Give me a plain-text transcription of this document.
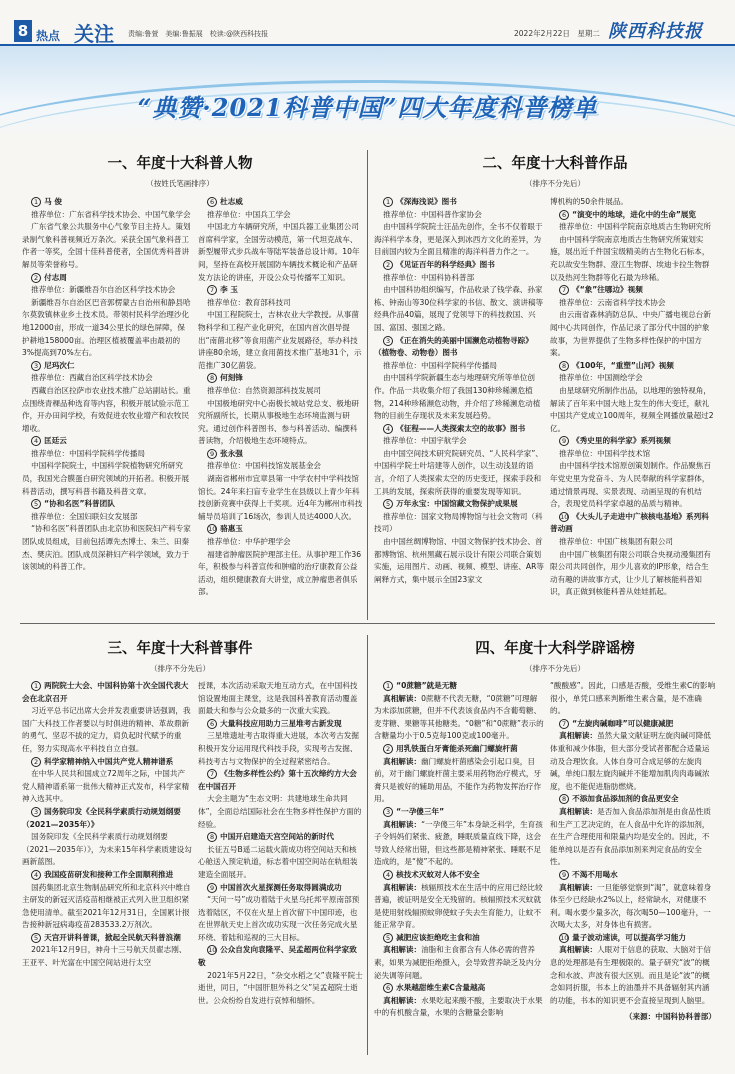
8 热点 关注 责编:鲁萱　美编:鲁振展　校读:@陕西科技报	2022年2月22日　星期二 陕西科技报
“典赞·2021科普中国”四大年度科普榜单
一、年度十大科普人物
（按姓氏笔画排序）
二、年度十大科普作品
（排序不分先后）
三、年度十大科普事件
（排序不分先后）
四、年度十大科学辟谣榜
（排序不分先后）
1 马 俊
推荐单位：广东省科学技术协会、中国气象学会

广东省气象公共服务中心气象节目主持人。策划录制气象科普视频近万条次。采获全国气象科普工作者一等奖，全国十佳科普使者，全国优秀科普讲解员等荣誉称号。

2 付志周
推荐单位：新疆维吾尔自治区科学技术协会

新疆维吾尔自治区巴音郭楞蒙古自治州和静县哈尔莫敦镇林业乡土技术员。带领村民科学治理沙化地12000亩，形成一道34公里长的绿色屏障，保护耕地158000亩。治理区植被覆盖率由最初的3%提高到70%左右。

3 尼玛次仁
推荐单位：西藏自治区科学技术协会

西藏自治区拉萨市农业技术推广总站副站长。重点围绕青稞品种选育等内容，积极开展试验示范工作，开办田间学校，有效促进农牧业增产和农牧民增收。

4 匡廷云
推荐单位：中国科学院科学传播局

中国科学院院士，中国科学院植物研究所研究员，我国光合膜蛋白研究领域的开拓者。积极开展科普活动，撰写科普书籍及科普文章。

5 “协和名医”科普团队
推荐单位：全国妇联妇女发展部

“协和名医”科普团队由北京协和医院妇产科专家团队成员组成，目前包括谭先杰博士、朱兰、田秦杰、樊庆泊。团队成员深耕妇产科学领域，致力于该领域的科普工作。

6 杜志威
推荐单位：中国兵工学会

中国北方车辆研究所，中国兵器工业集团公司首席科学家，全国劳动模范，第一代坦克战车、新型履带式步兵战车等陆军装备总设计师。10年间，坚持在高校开展国防车辆技术概论和产品研发方法论的讲座，开设公众号传播军工知识。

7 李 玉
推荐单位：教育部科技司

中国工程院院士，吉林农业大学教授。从事菌物科学和工程产业化研究，在国内首次倡导提出“南菌北移”等食用菌产业发展路径，举办科技讲座80余场，建立食用菌技术推广基地31个，示范推广30亿菌袋。

8 何刻锋
推荐单位：自然资源部科技发展司

中国极地研究中心南极长城站党总支、极地研究所副所长，长期从事极地生态环境监测与研究。通过创作科普图书、参与科普活动、编撰科普读物，介绍极地生态环境特点。

9 张永强
推荐单位：中国科技馆发展基金会

湖南省郴州市宜章县第一中学农村中学科技馆馆长。24年来扫盲专业学生在县级以上青少年科技创新竞赛中获得上千奖项。近4年为郴州市科技辅导员培训了16场次，参训人员达4000人次。

10 骆惠玉
推荐单位：中华护理学会

福建省肿瘤医院护理部主任。从事护理工作36年，积极参与科普宣传和肿瘤的治疗康教育公益活动，组织健康教育大讲堂，成立肿瘤患者俱乐部。

1 《深海浅说》图书
推荐单位：中国科普作家协会

由中国科学院院士汪品先创作，全书不仅着眼于海洋科学本身，更是深入到冰西方文化的差异，为目前国内较为全面且精准的海洋科普力作之一。

2 《见证百年的科学经典》图书
推荐单位：中国科协科普部

由中国科协组织编写，作品收录了钱学森、孙家栋、钟南山等30位科学家的书信、散文、演讲稿等经典作品40篇，展现了党领导下的科技救国、兴国、富国、强国之路。

3 《正在消失的美丽中国濒危动植物寻踪》（植物卷、动物卷）图书
推荐单位：中国科学院科学传播局

由中国科学院新疆生态与地理研究所等单位创作。作品一共收集介绍了我国130种珍稀濒危植物，214种珍稀濒危动物，并介绍了珍稀濒危动植物的目前生存现状及未来发展趋势。

4 《征程——人类探索太空的故事》图书
推荐单位：中国宇航学会

由中国空间技术研究院研究员、“人民科学家”、中国科学院士叶培建等人创作，以生动浅显的语言，介绍了人类探索太空的历史变迁，探索手段和工具的发展，探索所获得的重要发现等知识。

5 万年永宝：中国馆藏文物保护成果展
推荐单位：国家文物局博物馆与社会文物司（科技司）

由中国丝绸博物馆、中国文物保护技术协会、首都博物馆、杭州黑藏石展示设计有限公司联合策划实施，运用图片、动画、视频、模型、讲座、AR等阐释方式，集中展示全国23家文

博机构的50余件展品。
6 “演变中的地球，进化中的生命”展览
推荐单位：中国科学院南京地质古生物研究所

由中国科学院南京地质古生物研究所策划实施，展出近千件国宝级精美的古生物化石标本，充以故安生物群、澄江生物群、埃迪卡拉生物群以及热河生物群等化石最为珍稀。

7 《“象”往哪边》视频
推荐单位：云南省科学技术协会

由云南省森林消防总队、中央广播电视总台新闻中心共同创作，作品记录了部分代中国的护象故事，为世界提供了生物多样性保护的中国方案。

8 《100年，“重塑”山河》视频
推荐单位：中国测绘学会

由星球研究所制作出品，以地理的独特视角，解读了百年来中国大地上发生的伟大变迁，献礼中国共产党成立100周年，视频全网播放量超过2亿。

9 《秀史里的科学家》系列视频
推荐单位：中国科学技术馆

由中国科学技术馆原创策划制作。作品聚焦百年党史里为党奋斗、为人民奉献的科学家群体，通过情景再现、实景表现、动画呈现的有机结合，表现党员科学家卓越的品质与精神。

10 《大头儿子走进中广核核电基地》系列科普动画
推荐单位：中国广核集团有限公司

由中国广核集团有限公司联合央视动漫集团有限公司共同创作，用少儿喜欢的IP形象，结合生动有趣的讲故事方式，让少儿了解核能科普知识，真正做到核能科普从娃娃抓起。

1 两院院士大会、中国科协第十次全国代表大会在北京召开

习近平总书记出席大会并发表重要讲话强调，我国广大科技工作者要以与时俱进的精神、革故鼎新的勇气、坚忍不拔的定力，肩负起时代赋予的重任，努力实现高水平科技自立自强。

2 科学家精神纳入中国共产党人精神谱系

在中华人民共和国成立72周年之际，中国共产党人精神谱系第一批伟大精神正式发布，科学家精神入选其中。

3 国务院印发《全民科学素质行动规划纲要（2021—2035年）》

国务院印发《全民科学素质行动规划纲要（2021—2035年）》，为未来15年科学素质建设勾画新蓝图。

4 我国疫苗研发和接种工作全面顺利推进

国药集团北京生物制品研究所和北京科兴中维自主研发的新冠灭活疫苗相继被正式列入世卫组织紧急使用清单。截至2021年12月31日，全国累计报告接种新冠病毒疫苗283533.2万剂次。

5 天宫开讲科普课，掀起全民航天科普浪潮

2021年12月9日，神舟十三号航天员翟志刚、王亚平、叶光富在中国空间站进行太空

授课，本次活动采取天地互动方式，在中国科技馆设置地面主课堂，这是我国科普教育活动覆盖面最大和参与公众最多的一次重大实践。
6 大量科技应用助力三星堆考古新发现

三星堆遗址考古取得重大进展，本次考古发掘积极开发分运用现代科技手段，实现考古发掘、科技考古与文物保护的全过程紧密结合。

7 《生物多样性公约》第十五次缔约方大会在中国召开

大会主题为“生态文明：共建地球生命共同体”，全面总结国际社会在生物多样性保护方面的经验。

8 中国开启建造天宫空间站的新时代

长征五号B遥二运载火箭成功将空间站天和核心舱送入预定轨道，标志着中国空间站在轨组装建造全面展开。

9 中国首次火星探测任务取得圆满成功

“天问一号”成功着陆于火星乌托邦平原南部预选着陆区，不仅在火星上首次留下中国印迹，也在世界航天史上首次成功实现一次任务完成火星环绕、着陆和巡视的三大目标。

10 公众自发向袁隆平、吴孟超两位科学家致敬

2021年5月22日，“杂交水稻之父”袁隆平院士逝世，同日，“中国肝胆外科之父”吴孟超院士逝世。公众纷纷自发进行哀悼和缅怀。

1 “0蔗糖”就是无糖

真相解读：0蔗糖不代表无糖，“0蔗糖”可理解为未添加蔗糖，但并不代表该食品内不含葡萄糖、麦芽糖、果糖等其他糖类。“0糖”和“0蔗糖”表示的含糖量均小于0.5克每100克或100毫升。

2 用乳铁蛋白牙膏能杀死幽门螺旋杆菌

真相解读：幽门螺旋杆菌感染会引起口臭，目前，对于幽门螺旋杆菌主要采用药物治疗模式，牙膏只是被好的辅助用品，不能作为药物发挥治疗作用。

3 “一孕傻三年”

真相解读：“一孕傻三年”本身缺乏科学，生育孩子令妈妈们紧张、疲惫，睡眠质量直线下降，这会导致人经常出错，但这些都是精神紧张、睡眠不足造成的，是“傻”不起的。

4 核技术灭蚊对人体不安全

真相解读：核辐照技术在生活中的应用已经比较普遍，被证明是安全无残留的。核辐照技术灭蚊就是使用射线辐照蚊卵使蚊子失去生育能力，让蚊不能正常孕育。

5 减肥应该拒绝吃主食和油

真相解读：油脂和主食都含有人体必需的营养素，如果为减肥拒绝摄入，会导致营养缺乏及内分泌失调等问题。

6 水果越甜维生素C含量越高

真相解读：水果吃起来酸不酸，主要取决于水果中的有机酸含量，水果的含糖量会影响

“酸酸感”。因此，口感是否酸，受维生素C的影响很小，单凭口感来判断维生素含量，是不准确的。
7 “左旋肉碱咖啡”可以健康减肥

真相解读：虽然大量文献证明左旋肉碱可降低体重和减少体脂，但大部分受试者都配合适量运动及合理饮食。人体自身可合成足够的左旋肉碱，单纯口服左旋肉碱并不能增加肌肉肉毒碱浓度，也不能促进脂肪燃烧。

8 不添加食品添加剂的食品更安全

真相解读：是否加入食品添加剂是由食品性质和生产工艺决定的，在人食品中允许的添加剂，在生产合理使用和限量内均是安全的。因此，不能单纯以是否有食品添加剂来判定食品的安全性。

9 不渴不用喝水

真相解读：一旦能够觉察到“渴”，就意味着身体至少已经缺水2%以上，经常缺水，对健康不利。喝水要少量多次，每次喝50—100毫升，一次喝大太多，对身体也有损害。

10 量子波动速读，可以提高学习能力

真相解读：人眼对于信息的获取、大脑对于信息的处理都是有生理极限的。量子研究“波”的概念和水波、声波有很大区别。而且是论“波”的概念如同折服，书本上的油墨并不具备辐射其内涵的功能，书本的知识更不会直接呈现到人脑里。

（来源：中国科协科普部）
